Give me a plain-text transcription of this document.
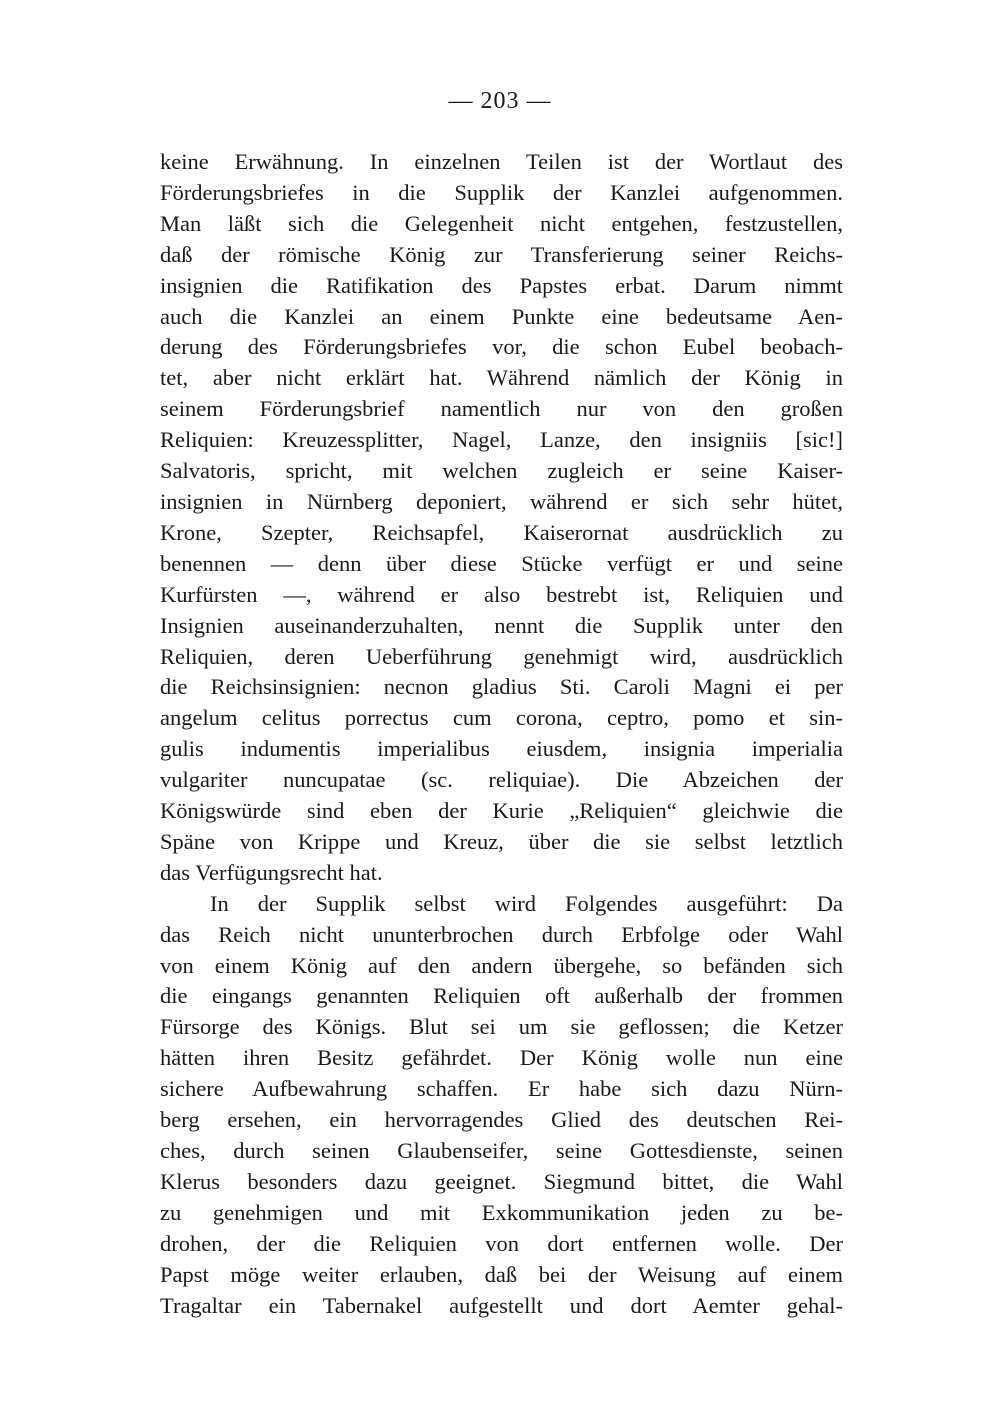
— 203 —
keine Erwähnung. In einzelnen Teilen ist der Wortlaut des
Förderungsbriefes in die Supplik der Kanzlei aufgenommen.
Man läßt sich die Gelegenheit nicht entgehen, festzustellen,
daß der römische König zur Transferierung seiner Reichs-
insignien die Ratifikation des Papstes erbat. Darum nimmt
auch die Kanzlei an einem Punkte eine bedeutsame Aen-
derung des Förderungsbriefes vor, die schon Eubel beobach-
tet, aber nicht erklärt hat. Während nämlich der König in
seinem Förderungsbrief namentlich nur von den großen
Reliquien: Kreuzessplitter, Nagel, Lanze, den insigniis [sic!]
Salvatoris, spricht, mit welchen zugleich er seine Kaiser-
insignien in Nürnberg deponiert, während er sich sehr hütet,
Krone, Szepter, Reichsapfel, Kaiserornat ausdrücklich zu
benennen — denn über diese Stücke verfügt er und seine
Kurfürsten —, während er also bestrebt ist, Reliquien und
Insignien auseinanderzuhalten, nennt die Supplik unter den
Reliquien, deren Ueberführung genehmigt wird, ausdrücklich
die Reichsinsignien: necnon gladius Sti. Caroli Magni ei per
angelum celitus porrectus cum corona, ceptro, pomo et sin-
gulis indumentis imperialibus eiusdem, insignia imperialia
vulgariter nuncupatae (sc. reliquiae). Die Abzeichen der
Königswürde sind eben der Kurie „Reliquien“ gleichwie die
Späne von Krippe und Kreuz, über die sie selbst letztlich
das Verfügungsrecht hat.
In der Supplik selbst wird Folgendes ausgeführt: Da
das Reich nicht ununterbrochen durch Erbfolge oder Wahl
von einem König auf den andern übergehe, so befänden sich
die eingangs genannten Reliquien oft außerhalb der frommen
Fürsorge des Königs. Blut sei um sie geflossen; die Ketzer
hätten ihren Besitz gefährdet. Der König wolle nun eine
sichere Aufbewahrung schaffen. Er habe sich dazu Nürn-
berg ersehen, ein hervorragendes Glied des deutschen Rei-
ches, durch seinen Glaubenseifer, seine Gottesdienste, seinen
Klerus besonders dazu geeignet. Siegmund bittet, die Wahl
zu genehmigen und mit Exkommunikation jeden zu be-
drohen, der die Reliquien von dort entfernen wolle. Der
Papst möge weiter erlauben, daß bei der Weisung auf einem
Tragaltar ein Tabernakel aufgestellt und dort Aemter gehal-
